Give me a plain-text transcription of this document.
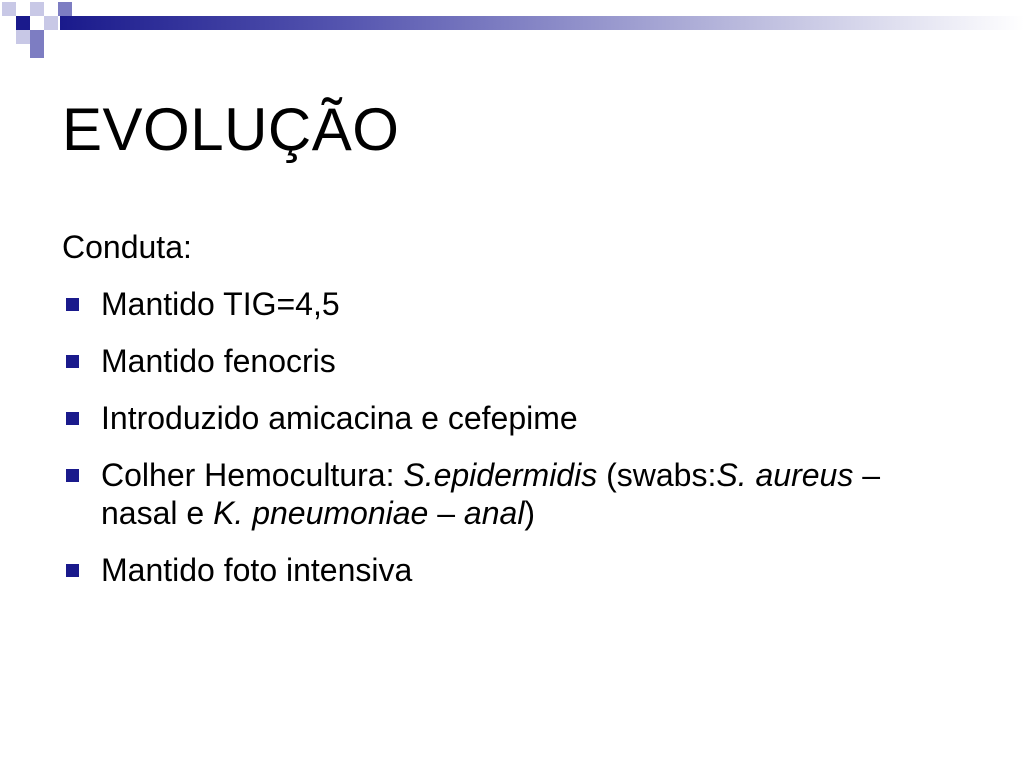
EVOLUÇÃO

Conduta:

Mantido TIG=4,5
Mantido fenocris
Introduzido amicacina e cefepime
Colher Hemocultura: S.epidermidis (swabs:S. aureus – nasal e K. pneumoniae – anal)
Mantido foto intensiva
